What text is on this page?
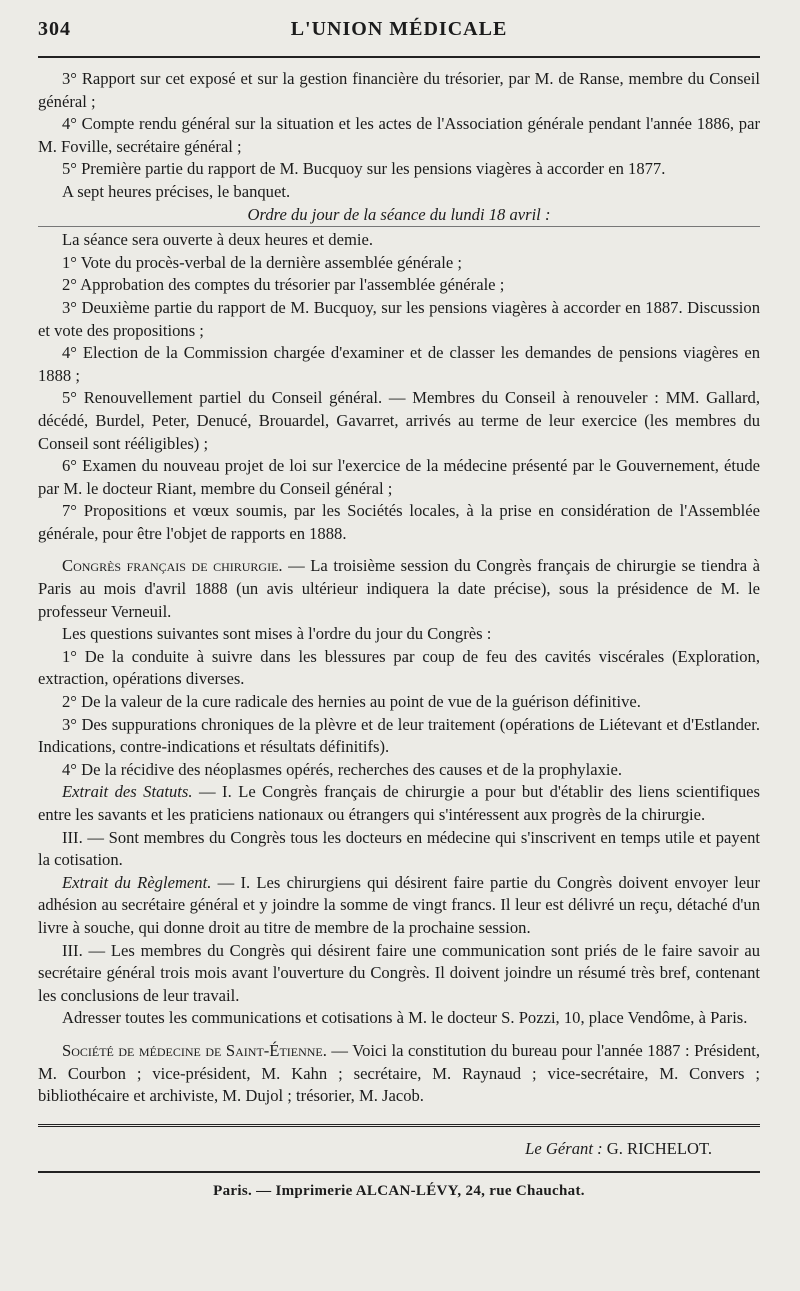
304	L'UNION MÉDICALE

3° Rapport sur cet exposé et sur la gestion financière du trésorier, par M. de Ranse, membre du Conseil général ;

4° Compte rendu général sur la situation et les actes de l'Association générale pendant l'année 1886, par M. Foville, secrétaire général ;

5° Première partie du rapport de M. Bucquoy sur les pensions viagères à accorder en 1877.

A sept heures précises, le banquet.

Ordre du jour de la séance du lundi 18 avril :

La séance sera ouverte à deux heures et demie.

1° Vote du procès-verbal de la dernière assemblée générale ;

2° Approbation des comptes du trésorier par l'assemblée générale ;

3° Deuxième partie du rapport de M. Bucquoy, sur les pensions viagères à accorder en 1887. Discussion et vote des propositions ;

4° Election de la Commission chargée d'examiner et de classer les demandes de pensions viagères en 1888 ;

5° Renouvellement partiel du Conseil général. — Membres du Conseil à renouveler : MM. Gallard, décédé, Burdel, Peter, Denucé, Brouardel, Gavarret, arrivés au terme de leur exercice (les membres du Conseil sont rééligibles) ;

6° Examen du nouveau projet de loi sur l'exercice de la médecine présenté par le Gouvernement, étude par M. le docteur Riant, membre du Conseil général ;

7° Propositions et vœux soumis, par les Sociétés locales, à la prise en considération de l'Assemblée générale, pour être l'objet de rapports en 1888.

Congrès français de chirurgie. — La troisième session du Congrès français de chirurgie se tiendra à Paris au mois d'avril 1888 (un avis ultérieur indiquera la date précise), sous la présidence de M. le professeur Verneuil.

Les questions suivantes sont mises à l'ordre du jour du Congrès :

1° De la conduite à suivre dans les blessures par coup de feu des cavités viscérales (Exploration, extraction, opérations diverses.

2° De la valeur de la cure radicale des hernies au point de vue de la guérison définitive.

3° Des suppurations chroniques de la plèvre et de leur traitement (opérations de Liétevant et d'Estlander. Indications, contre-indications et résultats définitifs).

4° De la récidive des néoplasmes opérés, recherches des causes et de la prophylaxie.

Extrait des Statuts. — I. Le Congrès français de chirurgie a pour but d'établir des liens scientifiques entre les savants et les praticiens nationaux ou étrangers qui s'intéressent aux progrès de la chirurgie.

III. — Sont membres du Congrès tous les docteurs en médecine qui s'inscrivent en temps utile et payent la cotisation.

Extrait du Règlement. — I. Les chirurgiens qui désirent faire partie du Congrès doivent envoyer leur adhésion au secrétaire général et y joindre la somme de vingt francs. Il leur est délivré un reçu, détaché d'un livre à souche, qui donne droit au titre de membre de la prochaine session.

III. — Les membres du Congrès qui désirent faire une communication sont priés de le faire savoir au secrétaire général trois mois avant l'ouverture du Congrès. Il doivent joindre un résumé très bref, contenant les conclusions de leur travail.

Adresser toutes les communications et cotisations à M. le docteur S. Pozzi, 10, place Vendôme, à Paris.

Société de médecine de Saint-Étienne. — Voici la constitution du bureau pour l'année 1887 : Président, M. Courbon ; vice-président, M. Kahn ; secrétaire, M. Raynaud ; vice-secrétaire, M. Convers ; bibliothécaire et archiviste, M. Dujol ; trésorier, M. Jacob.

Le Gérant : G. RICHELOT.
Paris. — Imprimerie ALCAN-LÉVY, 24, rue Chauchat.
